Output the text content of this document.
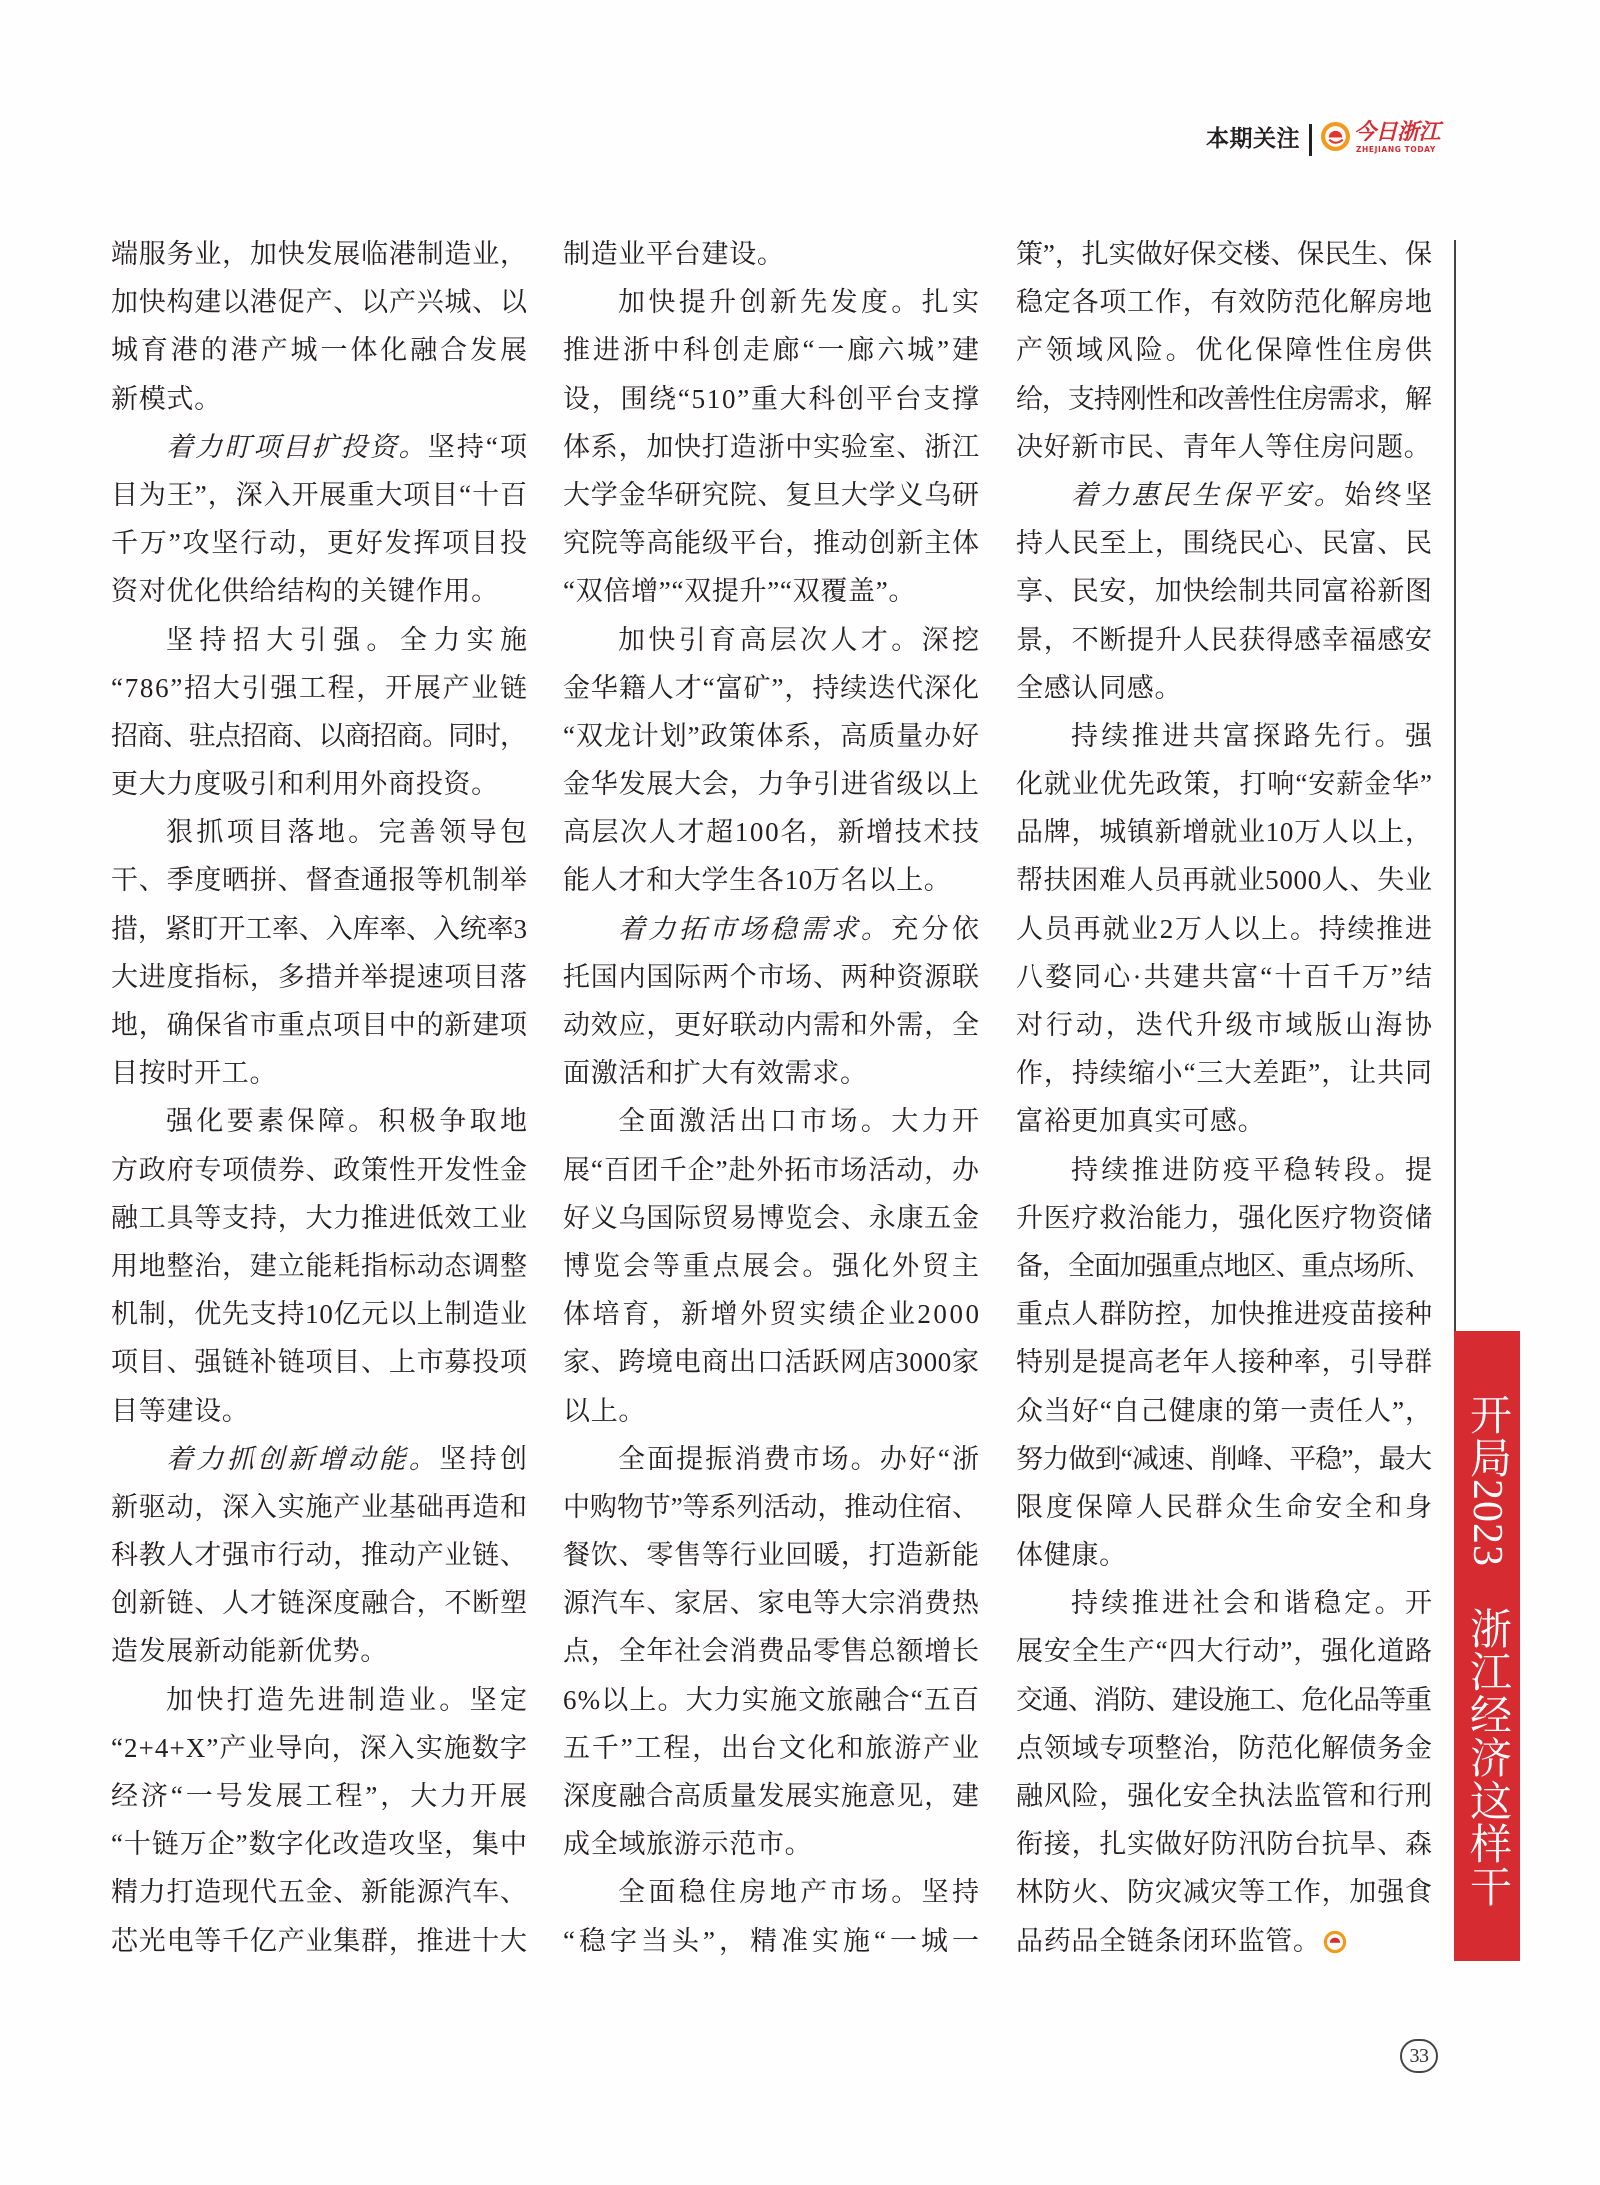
本期关注 今日浙江
ZHEJIANG TODAY
开局2023
浙江经济这样干
端服务业，加快发展临港制造业，
加快构建以港促产、以产兴城、以
城育港的港产城一体化融合发展
新模式。
着力盯项目扩投资。坚持“项
目为王”，深入开展重大项目“十百
千万”攻坚行动，更好发挥项目投
资对优化供给结构的关键作用。
坚持招大引强。全力实施
“786”招大引强工程，开展产业链
招商、驻点招商、以商招商。同时，
更大力度吸引和利用外商投资。
狠抓项目落地。完善领导包
干、季度晒拼、督查通报等机制举
措，紧盯开工率、入库率、入统率3
大进度指标，多措并举提速项目落
地，确保省市重点项目中的新建项
目按时开工。
强化要素保障。积极争取地
方政府专项债券、政策性开发性金
融工具等支持，大力推进低效工业
用地整治，建立能耗指标动态调整
机制，优先支持10亿元以上制造业
项目、强链补链项目、上市募投项
目等建设。
着力抓创新增动能。坚持创
新驱动，深入实施产业基础再造和
科教人才强市行动，推动产业链、
创新链、人才链深度融合，不断塑
造发展新动能新优势。
加快打造先进制造业。坚定
“2+4+X”产业导向，深入实施数字
经济“一号发展工程”，大力开展
“十链万企”数字化改造攻坚，集中
精力打造现代五金、新能源汽车、
芯光电等千亿产业集群，推进十大
制造业平台建设。
加快提升创新先发度。扎实
推进浙中科创走廊“一廊六城”建
设，围绕“510”重大科创平台支撑
体系，加快打造浙中实验室、浙江
大学金华研究院、复旦大学义乌研
究院等高能级平台，推动创新主体
“双倍增”“双提升”“双覆盖”。
加快引育高层次人才。深挖
金华籍人才“富矿”，持续迭代深化
“双龙计划”政策体系，高质量办好
金华发展大会，力争引进省级以上
高层次人才超100名，新增技术技
能人才和大学生各10万名以上。
着力拓市场稳需求。充分依
托国内国际两个市场、两种资源联
动效应，更好联动内需和外需，全
面激活和扩大有效需求。
全面激活出口市场。大力开
展“百团千企”赴外拓市场活动，办
好义乌国际贸易博览会、永康五金
博览会等重点展会。强化外贸主
体培育，新增外贸实绩企业2000
家、跨境电商出口活跃网店3000家
以上。
全面提振消费市场。办好“浙
中购物节”等系列活动，推动住宿、
餐饮、零售等行业回暖，打造新能
源汽车、家居、家电等大宗消费热
点，全年社会消费品零售总额增长
6%以上。大力实施文旅融合“五百
五千”工程，出台文化和旅游产业
深度融合高质量发展实施意见，建
成全域旅游示范市。
全面稳住房地产市场。坚持
“稳字当头”，精准实施“一城一
策”，扎实做好保交楼、保民生、保
稳定各项工作，有效防范化解房地
产领域风险。优化保障性住房供
给，支持刚性和改善性住房需求，解
决好新市民、青年人等住房问题。
着力惠民生保平安。始终坚
持人民至上，围绕民心、民富、民
享、民安，加快绘制共同富裕新图
景，不断提升人民获得感幸福感安
全感认同感。
持续推进共富探路先行。强
化就业优先政策，打响“安薪金华”
品牌，城镇新增就业10万人以上，
帮扶困难人员再就业5000人、失业
人员再就业2万人以上。持续推进
八婺同心·共建共富“十百千万”结
对行动，迭代升级市域版山海协
作，持续缩小“三大差距”，让共同
富裕更加真实可感。
持续推进防疫平稳转段。提
升医疗救治能力，强化医疗物资储
备，全面加强重点地区、重点场所、
重点人群防控，加快推进疫苗接种
特别是提高老年人接种率，引导群
众当好“自己健康的第一责任人”，
努力做到“减速、削峰、平稳”，最大
限度保障人民群众生命安全和身
体健康。
持续推进社会和谐稳定。开
展安全生产“四大行动”，强化道路
交通、消防、建设施工、危化品等重
点领域专项整治，防范化解债务金
融风险，强化安全执法监管和行刑
衔接，扎实做好防汛防台抗旱、森
林防火、防灾减灾等工作，加强食
品药品全链条闭环监管。
33
